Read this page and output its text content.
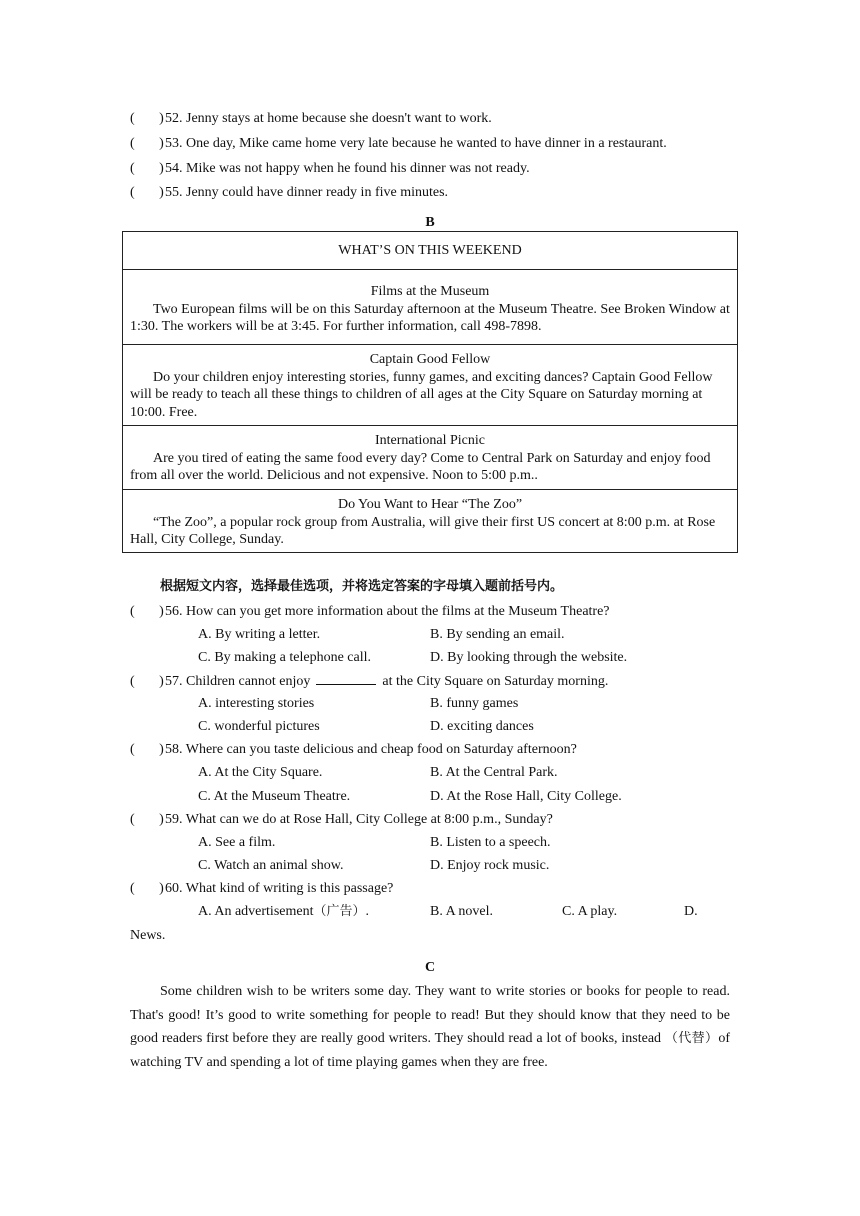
(       )52. Jenny stays at home because she doesn't want to work.
(       )53. One day, Mike came home very late because he wanted to have dinner in a restaurant.
(       )54. Mike was not happy when he found his dinner was not ready.
(       )55. Jenny could have dinner ready in five minutes.
B
WHAT’S ON THIS WEEKEND

Films at the Museum
Two European films will be on this Saturday afternoon at the Museum Theatre. See Broken Window at 1:30. The workers will be at 3:45. For further information, call 498-7898.

Captain Good Fellow
Do your children enjoy interesting stories, funny games, and exciting dances? Captain Good Fellow will be ready to teach all these things to children of all ages at the City Square on Saturday morning at 10:00. Free.

International Picnic
Are you tired of eating the same food every day? Come to Central Park on Saturday and enjoy food from all over the world. Delicious and not expensive. Noon to 5:00 p.m..

Do You Want to Hear “The Zoo”
“The Zoo”, a popular rock group from Australia, will give their first US concert at 8:00 p.m. at Rose Hall, City College, Sunday.
根据短文内容，选择最佳选项，并将选定答案的字母填入题前括号内。
(       )56. How can you get more information about the films at the Museum Theatre?
A. By writing a letter.	B. By sending an email.
C. By making a telephone call.	D. By looking through the website.
(       )57. Children cannot enjoy	at the City Square on Saturday morning.
A. interesting stories	B. funny games
C. wonderful pictures	D. exciting dances
(       )58. Where can you taste delicious and cheap food on Saturday afternoon?
A. At the City Square.	B. At the Central Park.
C. At the Museum Theatre.	D. At the Rose Hall, City College.
(       )59. What can we do at Rose Hall, City College at 8:00 p.m., Sunday?
A. See a film.	B. Listen to a speech.
C. Watch an animal show.	D. Enjoy rock music.
(       )60. What kind of writing is this passage?
A. An advertisement（广告）.	B. A novel.	C. A play.	D.
News.
C
Some children wish to be writers some day. They want to write stories or books for people to read. That's good! It’s good to write something for people to read! But they should know that they need to be good readers first before they are really good writers. They should read a lot of books, instead （代替）of watching TV and spending a lot of time playing games when they are free.
